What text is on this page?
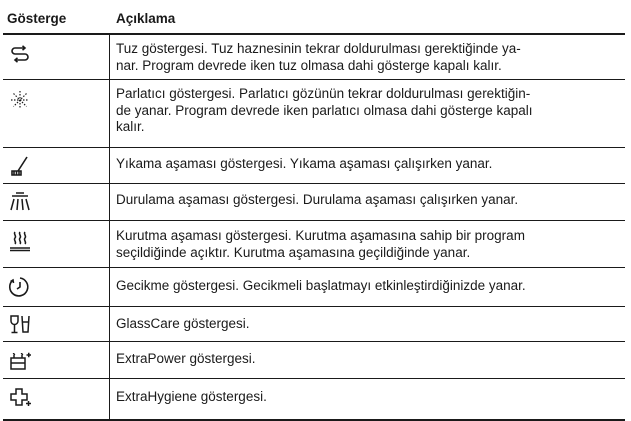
Gösterge	Açıklama
Tuz göstergesi. Tuz haznesinin tekrar doldurulması gerektiğinde ya-
nar. Program devrede iken tuz olmasa dahi gösterge kapalı kalır.
Parlatıcı göstergesi. Parlatıcı gözünün tekrar doldurulması gerektiğin-
de yanar. Program devrede iken parlatıcı olmasa dahi gösterge kapalı
kalır.
Yıkama aşaması göstergesi. Yıkama aşaması çalışırken yanar.
Durulama aşaması göstergesi. Durulama aşaması çalışırken yanar.
Kurutma aşaması göstergesi. Kurutma aşamasına sahip bir program
seçildiğinde açıktır. Kurutma aşamasına geçildiğinde yanar.
Gecikme göstergesi. Gecikmeli başlatmayı etkinleştirdiğinizde yanar.
GlassCare göstergesi.
ExtraPower göstergesi.
ExtraHygiene göstergesi.
